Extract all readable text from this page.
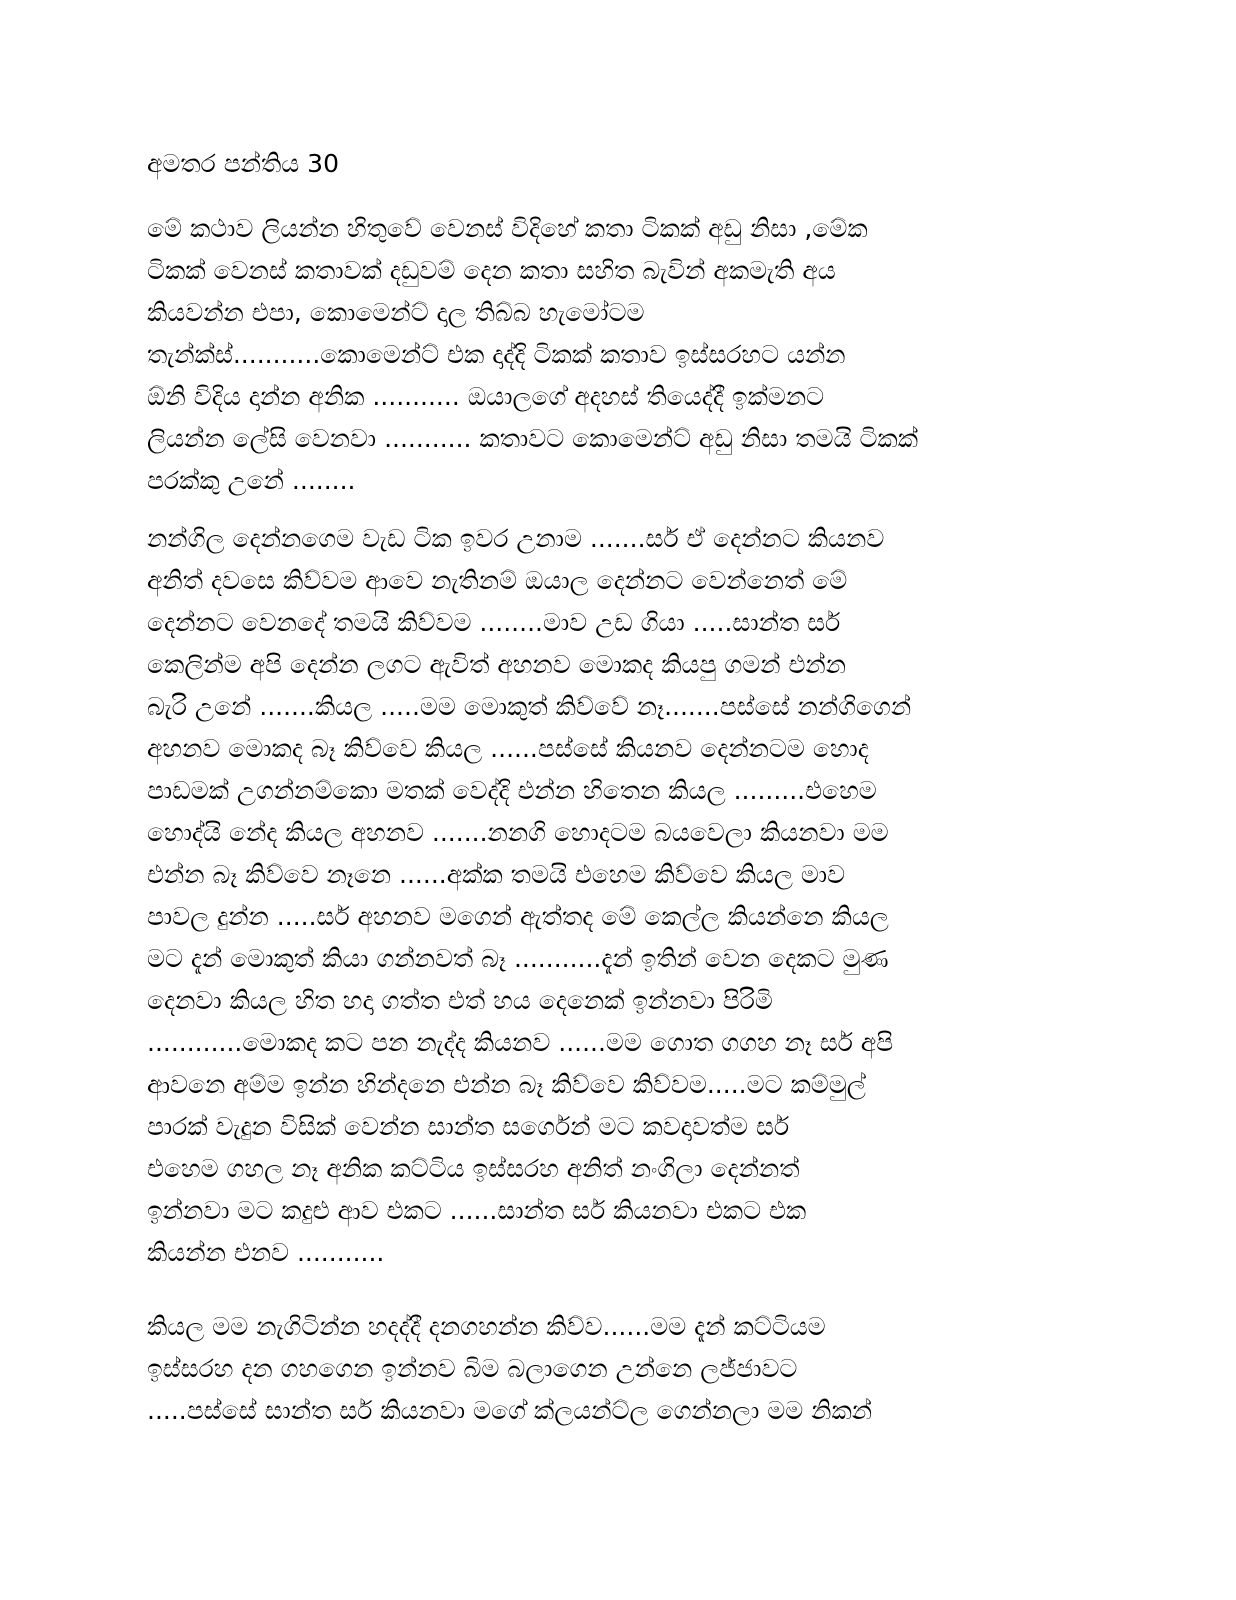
අමතර පන්තිය 30
මේ කථාව ලියන්න හිතුවේ වෙනස් විදිහේ කතා ටිකක් අඩු නිසා ,මේක
ටිකක් වෙනස් කතාවක් දඩුවම් දෙන කතා සහිත බැවින් අකමැති අය
කියවන්න එපා, කොමෙන්ට් දාල තිබ්බ හැමෝටම
තැන්ක්ස්...........කොමෙන්ට් එක දාද්දි ටිකක් කතාව ඉස්සරහට යන්න
ඕනි විදිය දාන්න අනික ........... ඔයාලගේ අදහස් තියෙද්දී ඉක්මනට
ලියන්න ලේසි වෙනවා ........... කතාවට කොමෙන්ට් අඩු නිසා තමයි ටිකක්
පරක්කු උනේ ........
නන්ගිල දෙන්නගෙම වැඩ ටික ඉවර උනාම .......සර් ඒ දෙන්නට කියනව
අනිත් දවසෙ කිව්වම ආවෙ නැතිනම් ඔයාල දෙන්නට වෙන්නෙත් මේ
දෙන්නට වෙනදේ තමයි කිව්වම ........මාව උඩ ගියා .....සාන්ත සර්
කෙලින්ම අපි දෙන්න ලගට ඇවිත් අහනව මොකද කියපු ගමන් එන්න
බැරි උනේ .......කියල .....මම මොකුත් කිව්වේ නෑ.......පස්සේ නන්ගිගෙන්
අහනව මොකද බෑ කිව්වෙ කියල ......පස්සේ කියනව දෙන්නටම හොද
පාඩමක් උගන්නම්කො මතක් වෙද්දි එන්න හිතෙන කියල .........එහෙම
හොද්යි නේද කියල අහනව .......නනගි හොදටම බයවෙලා කියනවා මම
එන්න බෑ කිව්වෙ නෑනෙ ......අක්ක තමයි එහෙම කිව්වෙ කියල මාව
පාවල දුන්න .....සර් අහනව මගෙන් ඇත්තද මේ කෙල්ල කියන්නෙ කියල
මට දැන් මොකුත් කියා ගන්නවත් බෑ ...........දැන් ඉතින් වෙන දෙකට මුණ
දෙනවා කියල හිත හදා ගත්ත එත් හය දෙනෙක් ඉන්නවා පිරිමි
............මොකද කට පන නැද්ද කියනව ......මම ගොත ගගහ නෑ සර් අපි
ආවනෙ අම්ම ඉන්න හින්දනෙ එන්න බෑ කිව්වෙ කිව්වම.....මට කම්මුල්
පාරක් වැදුන විසික් වෙන්න සාන්ත සර්ගෙන් මට කවදාවත්ම සර්
එහෙම ගහල නෑ අනික කට්ටිය ඉස්සරහ අනිත් නංගිලා දෙන්නත්
ඉන්නවා මට කදුළු ආව එකට ......සාන්ත සර් කියනවා එකට එක
කියන්න එනව ...........
කියල මම නැගිටින්න හදද්දී දනගහන්න කිව්ව......මම දැන් කට්ටියම
ඉස්සරහ දන ගහගෙන ඉන්නව බිම බලාගෙන උන්නෙ ලජ්ජාවට
.....පස්සේ සාන්ත සර් කියනවා මගේ ක්ලයන්ට්ල ගෙන්නලා මම නිකන්
